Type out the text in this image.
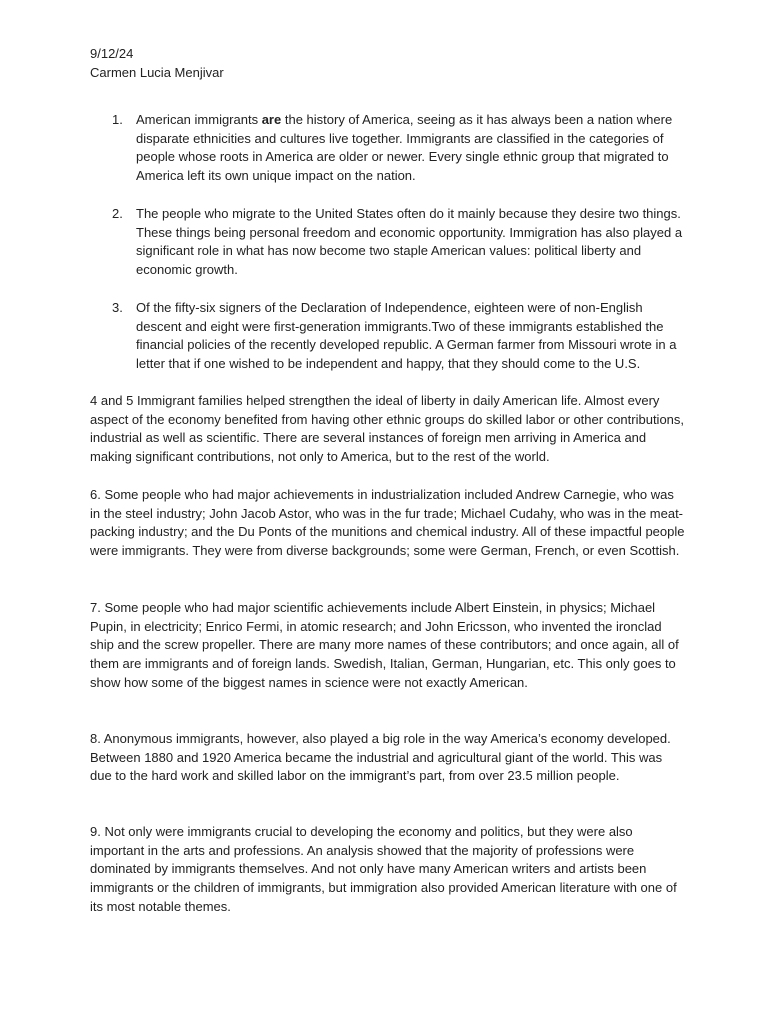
9/12/24
Carmen Lucia Menjivar
1.	American immigrants are the history of America, seeing as it has always been a nation where disparate ethnicities and cultures live together. Immigrants are classified in the categories of people whose roots in America are older or newer. Every single ethnic group that migrated to America left its own unique impact on the nation.
2.	The people who migrate to the United States often do it mainly because they desire two things. These things being personal freedom and economic opportunity. Immigration has also played a significant role in what has now become two staple American values: political liberty and economic growth.
3.	Of the fifty-six signers of the Declaration of Independence, eighteen were of non-English descent and eight were first-generation immigrants.Two of these immigrants established the financial policies of the recently developed republic. A German farmer from Missouri wrote in a letter that if one wished to be independent and happy, that they should come to the U.S.
4 and 5 Immigrant families helped strengthen the ideal of liberty in daily American life. Almost every aspect of the economy benefited from having other ethnic groups do skilled labor or other contributions, industrial as well as scientific. There are several instances of foreign men arriving in America and making significant contributions, not only to America, but to the rest of the world.
6. Some people who had major achievements in industrialization included Andrew Carnegie, who was in the steel industry; John Jacob Astor, who was in the fur trade; Michael Cudahy, who was in the meat-packing industry; and the Du Ponts of the munitions and chemical industry. All of these impactful people were immigrants. They were from diverse backgrounds; some were German, French, or even Scottish.
7. Some people who had major scientific achievements include Albert Einstein, in physics; Michael Pupin, in electricity; Enrico Fermi, in atomic research; and John Ericsson, who invented the ironclad ship and the screw propeller. There are many more names of these contributors; and once again, all of them are immigrants and of foreign lands. Swedish, Italian, German, Hungarian, etc. This only goes to show how some of the biggest names in science were not exactly American.
8. Anonymous immigrants, however, also played a big role in the way America’s economy developed. Between 1880 and 1920 America became the industrial and agricultural giant of the world. This was due to the hard work and skilled labor on the immigrant’s part, from over 23.5 million people.
9. Not only were immigrants crucial to developing the economy and politics, but they were also important in the arts and professions. An analysis showed that the majority of professions were dominated by immigrants themselves. And not only have many American writers and artists been immigrants or the children of immigrants, but immigration also provided American literature with one of its most notable themes.
